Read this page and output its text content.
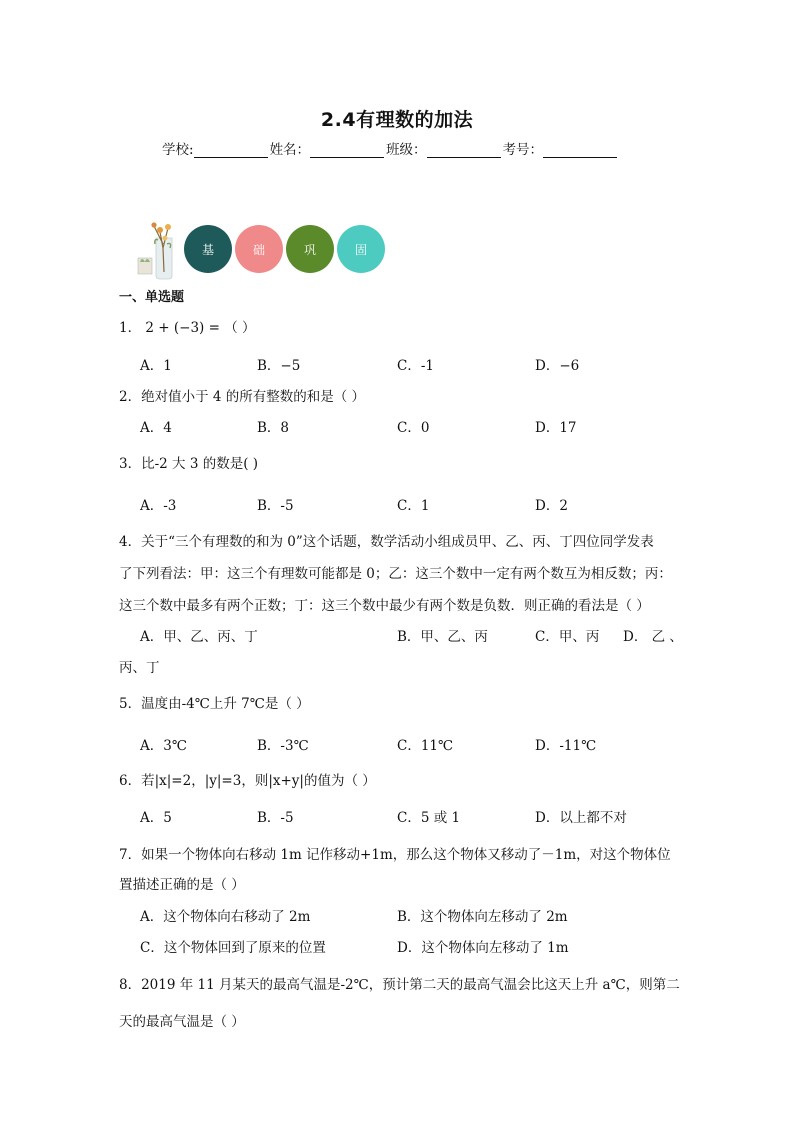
2.4有理数的加法
学校:	姓名：	班级：	考号：
基	础	巩	固
一、单选题
1． 2 + (−3) = （ ）
A．1	B．−5	C．-1	D．−6
2．绝对值小于 4 的所有整数的和是（ ）
A．4	B．8	C．0	D．17
3．比-2 大 3 的数是( )
A．-3	B．-5	C．1	D．2
4．关于“三个有理数的和为 0”这个话题，数学活动小组成员甲、乙、丙、丁四位同学发表
了下列看法：甲：这三个有理数可能都是 0；乙：这三个数中一定有两个数互为相反数；丙：
这三个数中最多有两个正数；丁：这三个数中最少有两个数是负数．则正确的看法是（ ）
A．甲、乙、丙、丁	B．甲、乙、丙	C．甲、丙 D． 乙 、
丙、丁
5．温度由-4℃上升 7℃是（ ）
A．3℃	B．-3℃	C．11℃	D．-11℃
6．若|x|=2，|y|=3，则|x+y|的值为（ ）
A．5	B．-5	C．5 或 1	D．以上都不对
7．如果一个物体向右移动 1m 记作移动+1m，那么这个物体又移动了－1m，对这个物体位
置描述正确的是（ ）
A．这个物体向右移动了 2m	B．这个物体向左移动了 2m
C．这个物体回到了原来的位置	D．这个物体向左移动了 1m
8．2019 年 11 月某天的最高气温是-2℃，预计第二天的最高气温会比这天上升 a℃，则第二
天的最高气温是（ ）
